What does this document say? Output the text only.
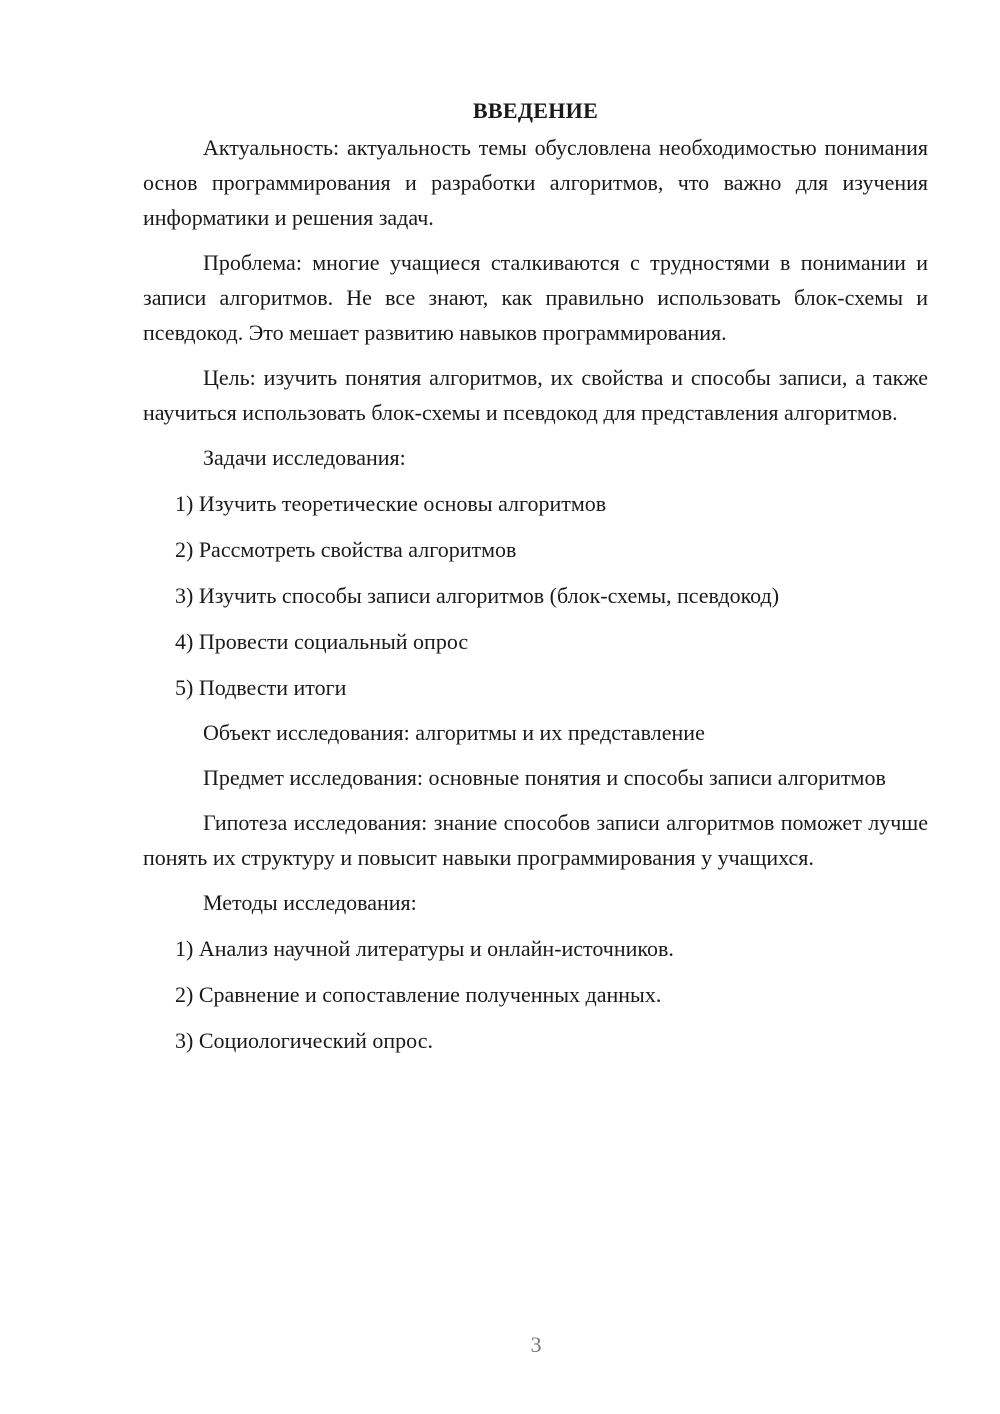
ВВЕДЕНИЕ

Актуальность: актуальность темы обусловлена необходимостью понимания основ программирования и разработки алгоритмов, что важно для изучения информатики и решения задач.

Проблема: многие учащиеся сталкиваются с трудностями в понимании и записи алгоритмов. Не все знают, как правильно использовать блок-схемы и псевдокод. Это мешает развитию навыков программирования.

Цель: изучить понятия алгоритмов, их свойства и способы записи, а также научиться использовать блок-схемы и псевдокод для представления алгоритмов.

Задачи исследования:
1) Изучить теоретические основы алгоритмов
2) Рассмотреть свойства алгоритмов
3) Изучить способы записи алгоритмов (блок-схемы, псевдокод)
4) Провести социальный опрос
5) Подвести итоги
Объект исследования: алгоритмы и их представление

Предмет исследования: основные понятия и способы записи алгоритмов

Гипотеза исследования: знание способов записи алгоритмов поможет лучше понять их структуру и повысит навыки программирования у учащихся.

Методы исследования:
1) Анализ научной литературы и онлайн-источников.
2) Сравнение и сопоставление полученных данных.
3) Социологический опрос.
3
